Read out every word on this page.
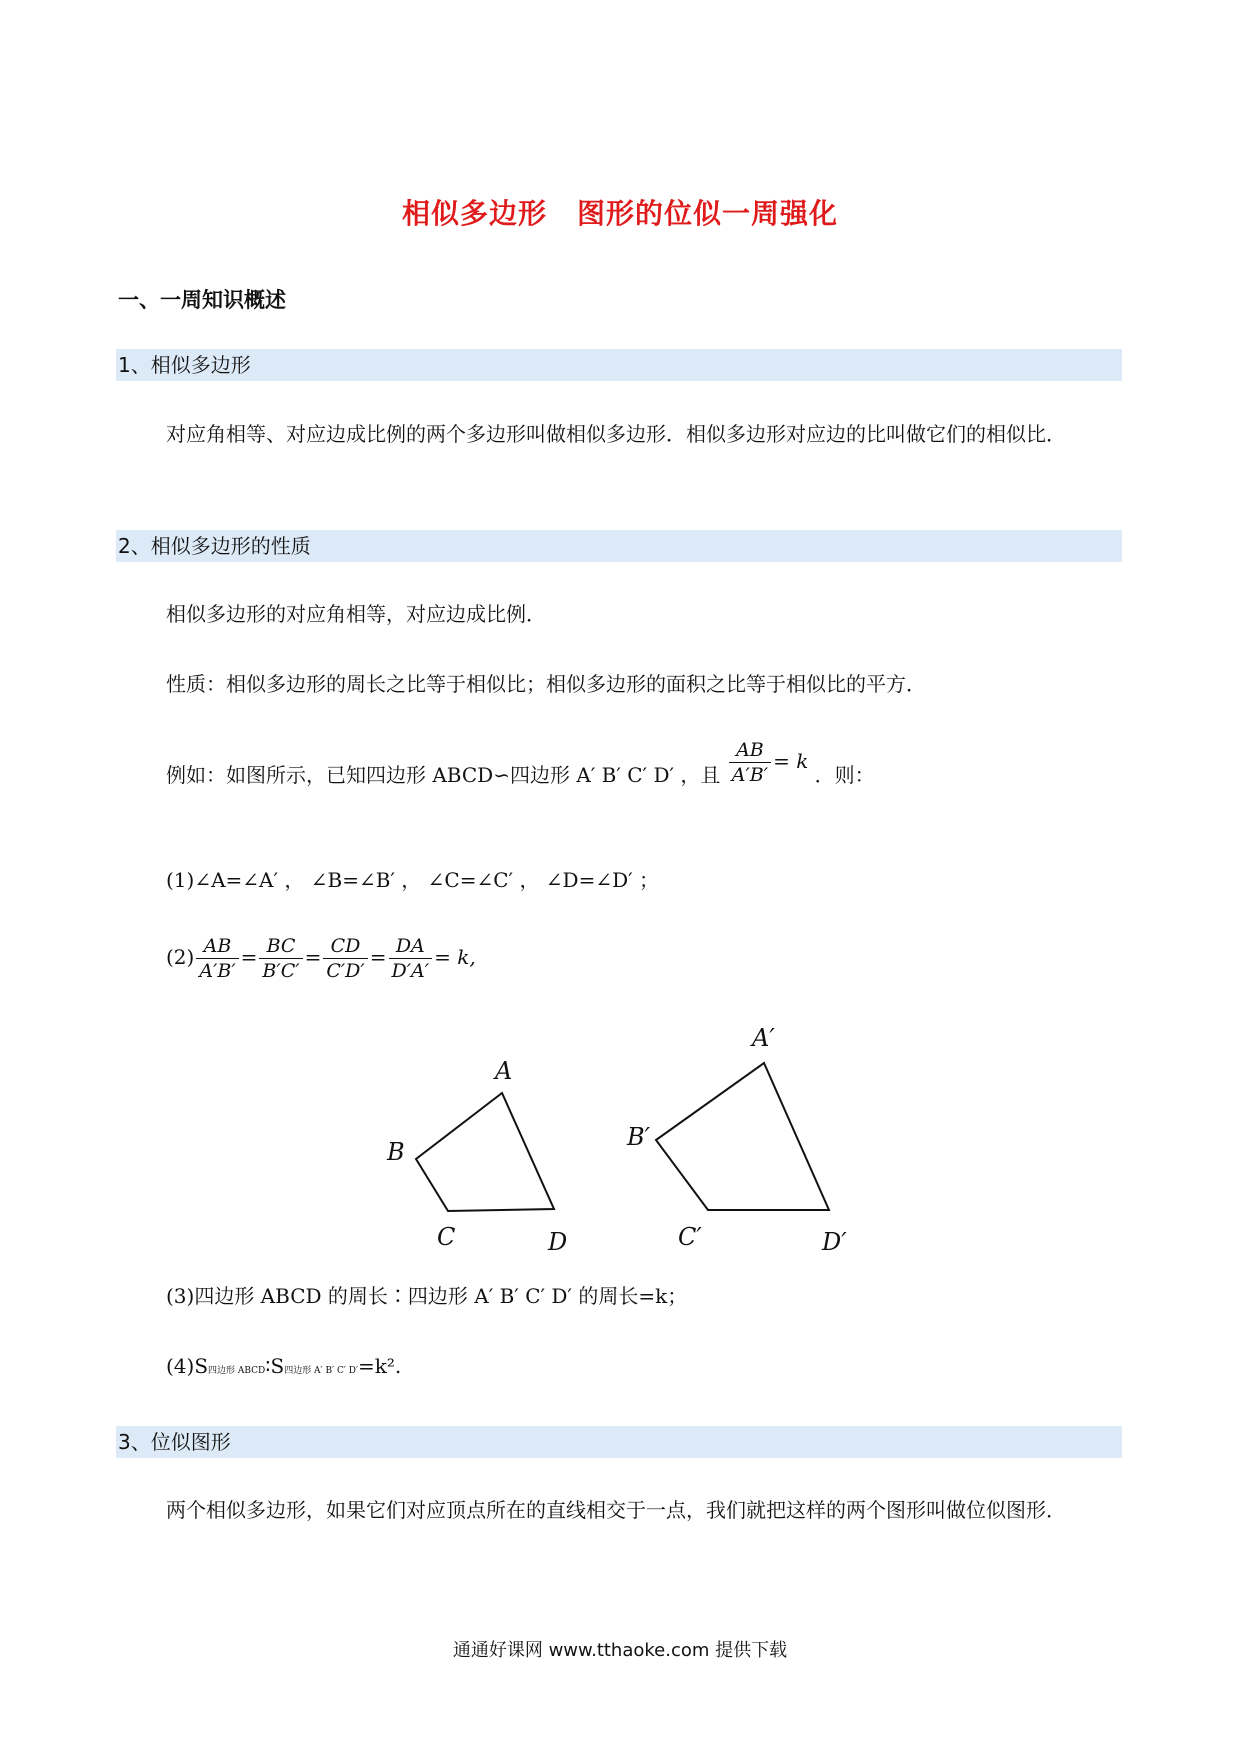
相似多边形 图形的位似一周强化
一、一周知识概述
1、相似多边形
对应角相等、对应边成比例的两个多边形叫做相似多边形．相似多边形对应边的比叫做它们的相似比．
2、相似多边形的性质
相似多边形的对应角相等，对应边成比例．
性质：相似多边形的周长之比等于相似比；相似多边形的面积之比等于相似比的平方．
例如：如图所示，已知四边形 ABCD∽四边形 A′ B′ C′ D′ ，且 $\frac{AB}{A'B'} = k$ ．则：
(1)∠A=∠A′ ， ∠B=∠B′ ， ∠C=∠C′ ， ∠D=∠D′ ；
$(2) \frac{AB}{A'B'} = \frac{BC}{B'C'} = \frac{CD}{C'D'} = \frac{DA}{D'A'} = k$,
A
B
C	D
A′
B′
C′	D′
(3)四边形 ABCD 的周长∶四边形 A′ B′ C′ D′ 的周长=k；
(4)S四边形 ABCD∶S四边形 A′ B′ C′ D′=k².
3、位似图形
两个相似多边形，如果它们对应顶点所在的直线相交于一点，我们就把这样的两个图形叫做位似图形．
通通好课网 www.tthaoke.com 提供下载
